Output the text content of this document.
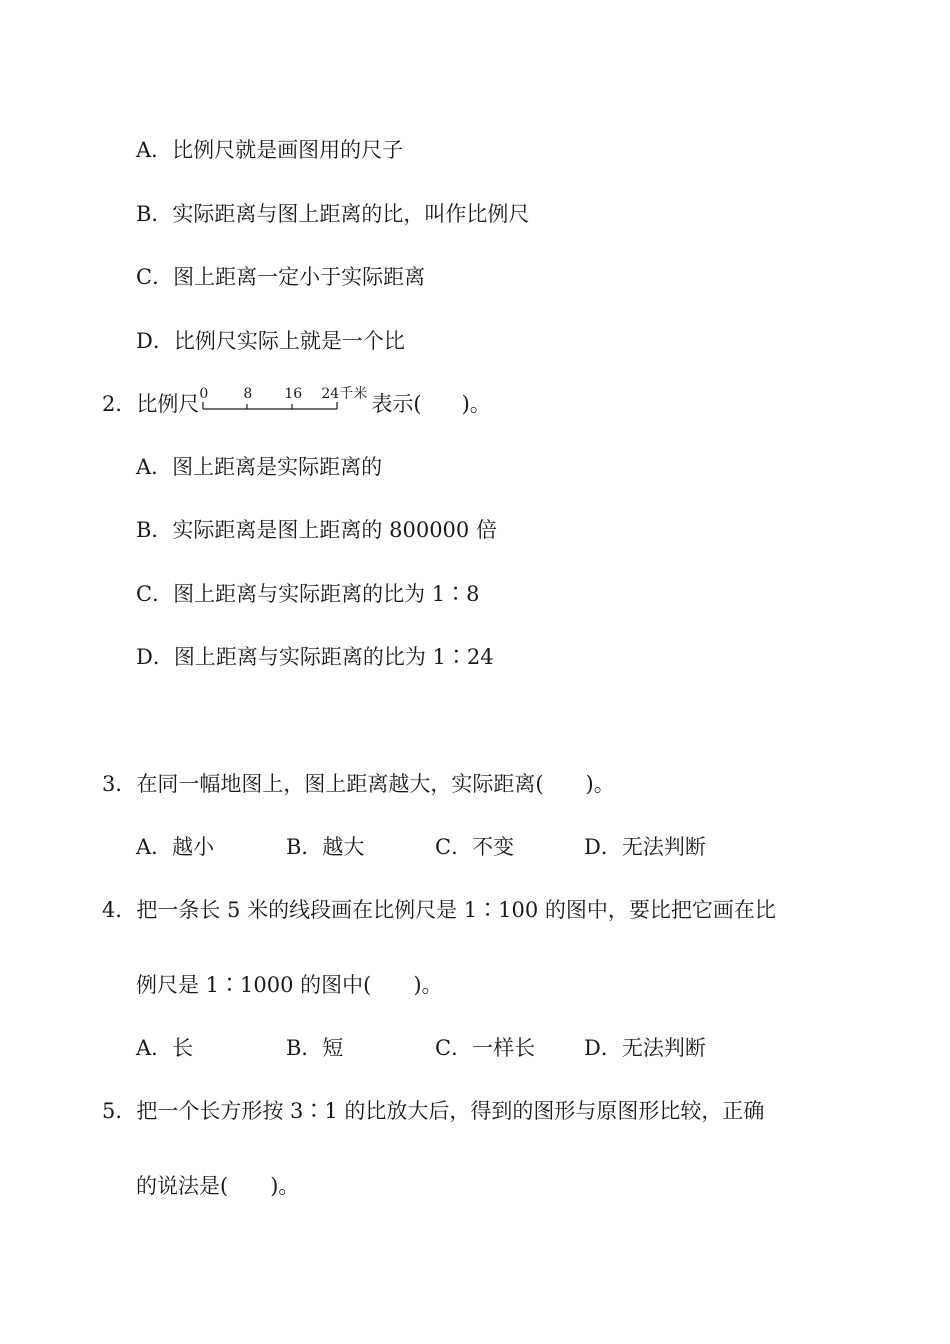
A．比例尺就是画图用的尺子
B．实际距离与图上距离的比，叫作比例尺
C．图上距离一定小于实际距离
D．比例尺实际上就是一个比
2．比例尺 0	8 16 24 千米 表示( )。
A．图上距离是实际距离的
B．实际距离是图上距离的 800000 倍
C．图上距离与实际距离的比为 1∶8
D．图上距离与实际距离的比为 1∶24
3．在同一幅地图上，图上距离越大，实际距离(　　)。
A．越小	B．越大	C．不变	D．无法判断
4．把一条长 5 米的线段画在比例尺是 1∶100 的图中，要比把它画在比
例尺是 1∶1000 的图中(　　)。
A．长	B．短	C．一样长 D．无法判断
5．把一个长方形按 3∶1 的比放大后，得到的图形与原图形比较，正确
的说法是(　　)。
